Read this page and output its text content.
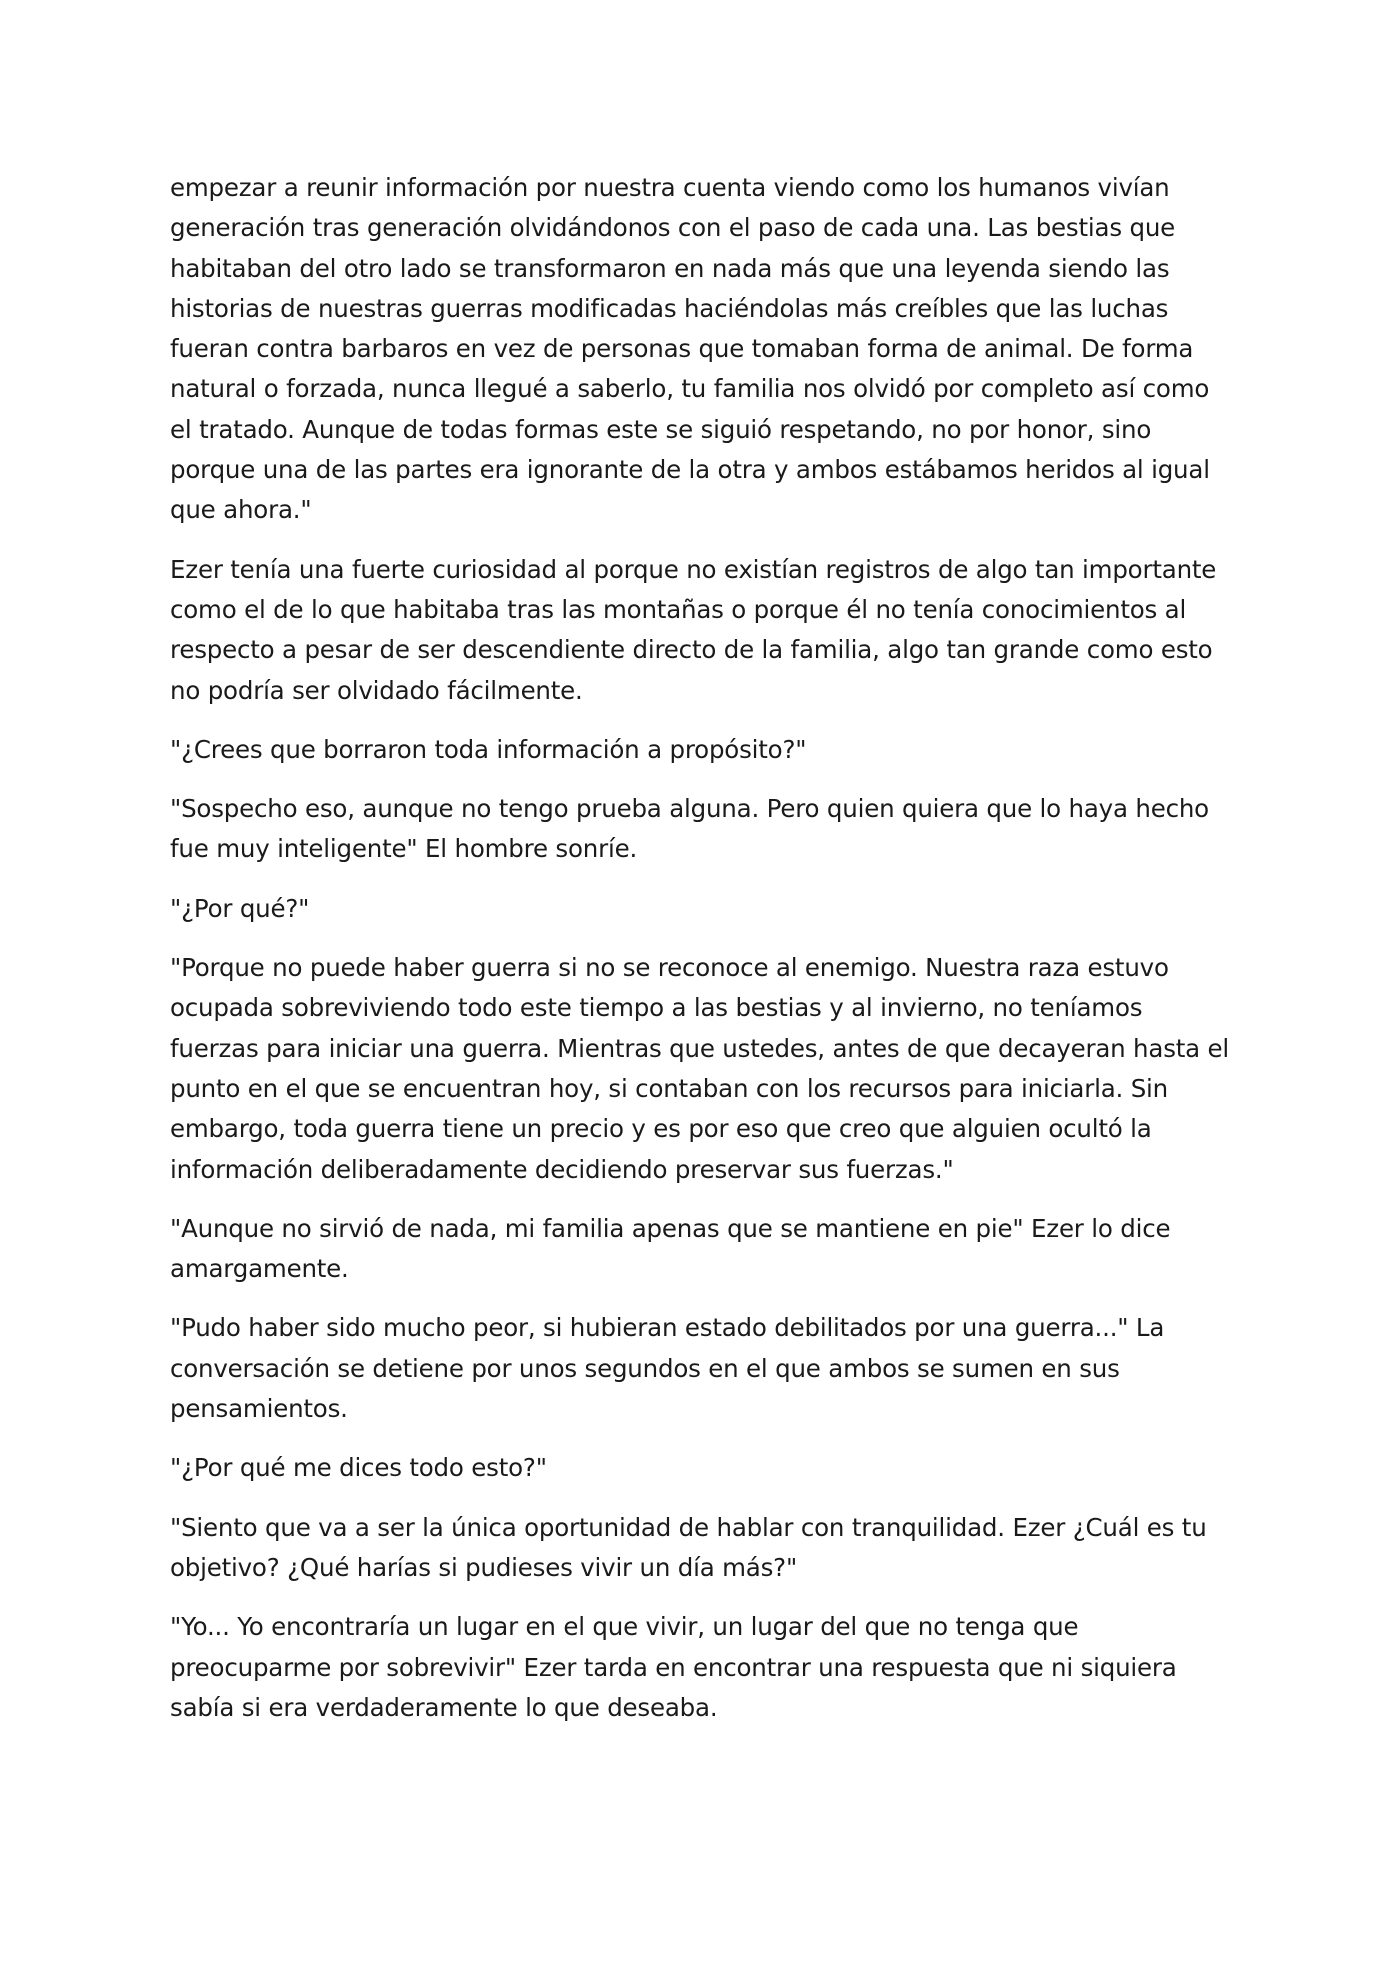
empezar a reunir información por nuestra cuenta viendo como los humanos vivían generación tras generación olvidándonos con el paso de cada una. Las bestias que habitaban del otro lado se transformaron en nada más que una leyenda siendo las historias de nuestras guerras modificadas haciéndolas más creíbles que las luchas fueran contra barbaros en vez de personas que tomaban forma de animal. De forma natural o forzada, nunca llegué a saberlo, tu familia nos olvidó por completo así como el tratado. Aunque de todas formas este se siguió respetando, no por honor, sino porque una de las partes era ignorante de la otra y ambos estábamos heridos al igual que ahora."

Ezer tenía una fuerte curiosidad al porque no existían registros de algo tan importante como el de lo que habitaba tras las montañas o porque él no tenía conocimientos al respecto a pesar de ser descendiente directo de la familia, algo tan grande como esto no podría ser olvidado fácilmente.

"¿Crees que borraron toda información a propósito?"

"Sospecho eso, aunque no tengo prueba alguna. Pero quien quiera que lo haya hecho fue muy inteligente" El hombre sonríe.

"¿Por qué?"

"Porque no puede haber guerra si no se reconoce al enemigo. Nuestra raza estuvo ocupada sobreviviendo todo este tiempo a las bestias y al invierno, no teníamos fuerzas para iniciar una guerra. Mientras que ustedes, antes de que decayeran hasta el punto en el que se encuentran hoy, si contaban con los recursos para iniciarla. Sin embargo, toda guerra tiene un precio y es por eso que creo que alguien ocultó la información deliberadamente decidiendo preservar sus fuerzas."

"Aunque no sirvió de nada, mi familia apenas que se mantiene en pie" Ezer lo dice amargamente.

"Pudo haber sido mucho peor, si hubieran estado debilitados por una guerra..." La conversación se detiene por unos segundos en el que ambos se sumen en sus pensamientos.

"¿Por qué me dices todo esto?"

"Siento que va a ser la única oportunidad de hablar con tranquilidad. Ezer ¿Cuál es tu objetivo? ¿Qué harías si pudieses vivir un día más?"

"Yo... Yo encontraría un lugar en el que vivir, un lugar del que no tenga que preocuparme por sobrevivir" Ezer tarda en encontrar una respuesta que ni siquiera sabía si era verdaderamente lo que deseaba.
